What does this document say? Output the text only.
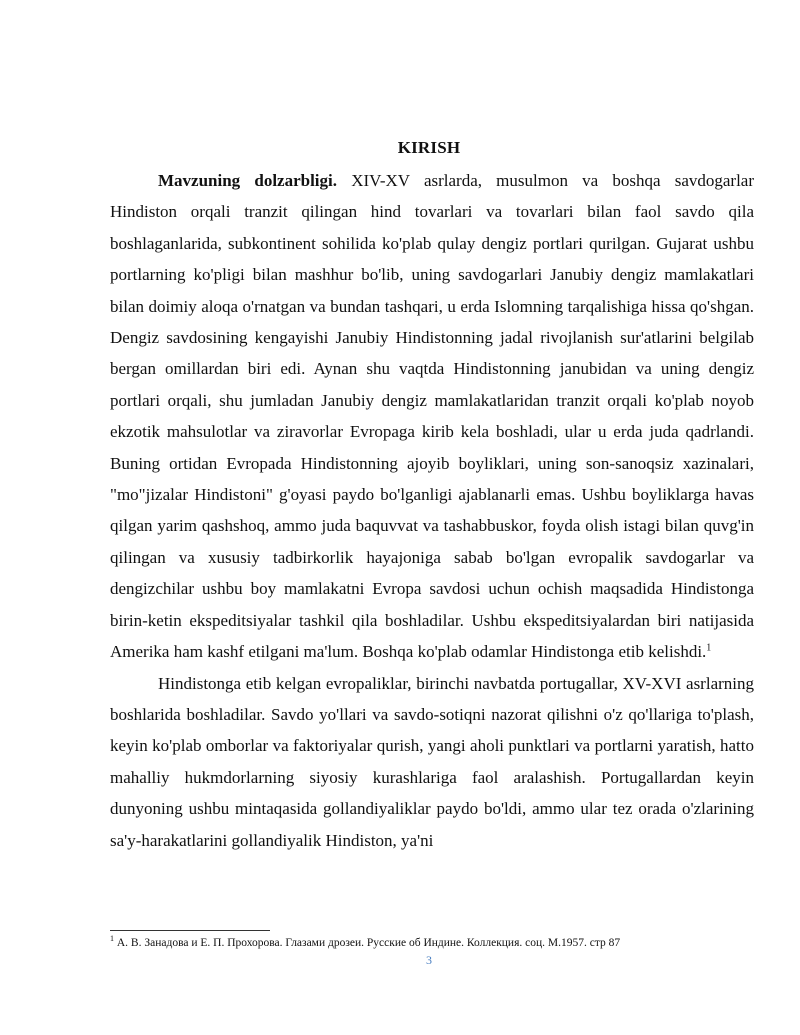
KIRISH

Mavzuning dolzarbligi. XIV-XV asrlarda, musulmon va boshqa savdogarlar Hindiston orqali tranzit qilingan hind tovarlari va tovarlari bilan faol savdo qila boshlaganlarida, subkontinent sohilida ko'plab qulay dengiz portlari qurilgan. Gujarat ushbu portlarning ko'pligi bilan mashhur bo'lib, uning savdogarlari Janubiy dengiz mamlakatlari bilan doimiy aloqa o'rnatgan va bundan tashqari, u erda Islomning tarqalishiga hissa qo'shgan. Dengiz savdosining kengayishi Janubiy Hindistonning jadal rivojlanish sur'atlarini belgilab bergan omillardan biri edi. Aynan shu vaqtda Hindistonning janubidan va uning dengiz portlari orqali, shu jumladan Janubiy dengiz mamlakatlaridan tranzit orqali ko'plab noyob ekzotik mahsulotlar va ziravorlar Evropaga kirib kela boshladi, ular u erda juda qadrlandi. Buning ortidan Evropada Hindistonning ajoyib boyliklari, uning son-sanoqsiz xazinalari, "mo"jizalar Hindistoni" g'oyasi paydo bo'lganligi ajablanarli emas. Ushbu boyliklarga havas qilgan yarim qashshoq, ammo juda baquvvat va tashabbuskor, foyda olish istagi bilan quvg'in qilingan va xususiy tadbirkorlik hayajoniga sabab bo'lgan evropalik savdogarlar va dengizchilar ushbu boy mamlakatni Evropa savdosi uchun ochish maqsadida Hindistonga birin-ketin ekspeditsiyalar tashkil qila boshladilar. Ushbu ekspeditsiyalardan biri natijasida Amerika ham kashf etilgani ma'lum. Boshqa ko'plab odamlar Hindistonga etib kelishdi.$^1$

Hindistonga etib kelgan evropaliklar, birinchi navbatda portugallar, XV-XVI asrlarning boshlarida boshladilar. Savdo yo'llari va savdo-sotiqni nazorat qilishni o'z qo'llariga to'plash, keyin ko'plab omborlar va faktoriyalar qurish, yangi aholi punktlari va portlarni yaratish, hatto mahalliy hukmdorlarning siyosiy kurashlariga faol aralashish. Portugallardan keyin dunyoning ushbu mintaqasida gollandiyaliklar paydo bo'ldi, ammo ular tez orada o'zlarining sa'y-harakatlarini gollandiyalik Hindiston, ya'ni

$^1$ А. В. Занадова и Е. П. Прохорова. Глазами дрозеи. Русские об Индине. Коллекция. соц. М.1957. стр 87
3
